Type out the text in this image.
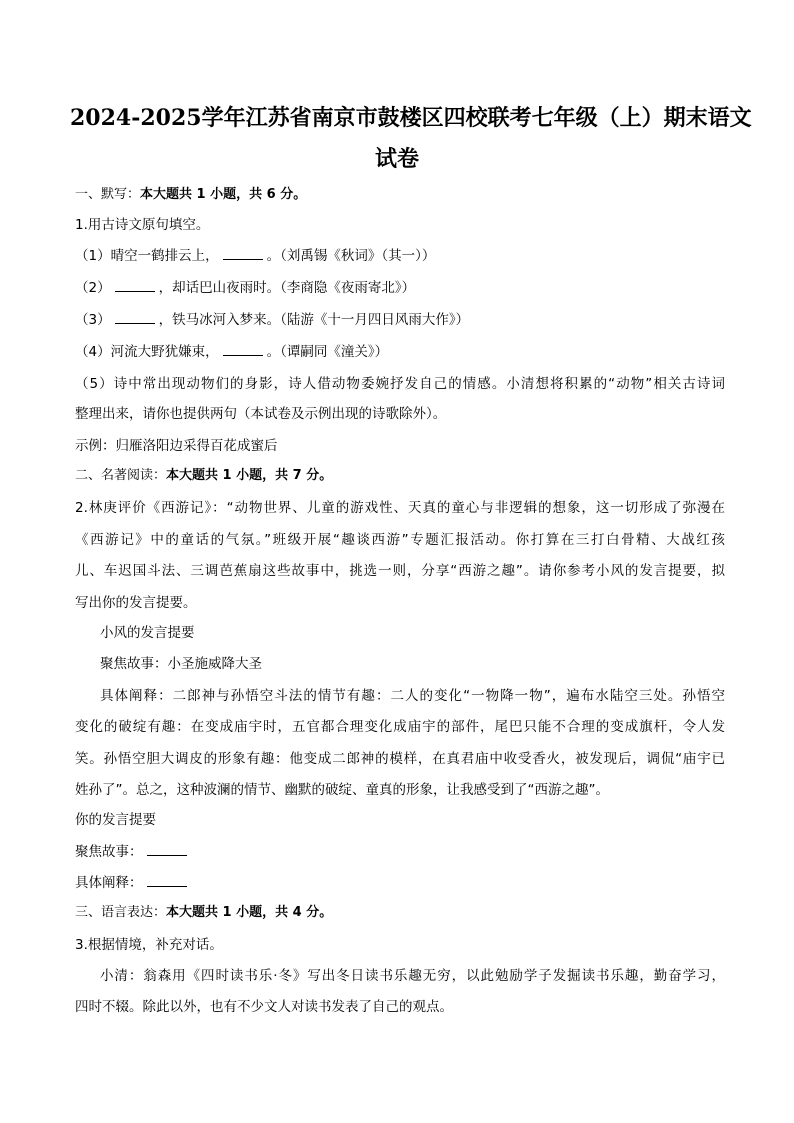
2024-2025学年江苏省南京市鼓楼区四校联考七年级（上）期末语文
试卷
一、默写：本大题共 1 小题，共 6 分。
1.用古诗文原句填空。
（1）晴空一鹤排云上，	。（刘禹锡《秋词》（其一））
（2）	，却话巴山夜雨时。（李商隐《夜雨寄北》）
（3）	，铁马冰河入梦来。（陆游《十一月四日风雨大作》）
（4）河流大野犹嫌束，	。（谭嗣同《潼关》）
（5）诗中常出现动物们的身影，诗人借动物委婉抒发自己的情感。小清想将积累的“动物”相关古诗词
整理出来，请你也提供两句（本试卷及示例出现的诗歌除外）。
示例：归雁洛阳边采得百花成蜜后
二、名著阅读：本大题共 1 小题，共 7 分。
2.林庚评价《西游记》：“动物世界、儿童的游戏性、天真的童心与非逻辑的想象，这一切形成了弥漫在
《西游记》中的童话的气氛。”班级开展“趣谈西游”专题汇报活动。你打算在三打白骨精、大战红孩
儿、车迟国斗法、三调芭蕉扇这些故事中，挑选一则，分享“西游之趣”。请你参考小风的发言提要，拟
写出你的发言提要。
小风的发言提要
聚焦故事：小圣施威降大圣
具体阐释：二郎神与孙悟空斗法的情节有趣：二人的变化“一物降一物”，遍布水陆空三处。孙悟空
变化的破绽有趣：在变成庙宇时，五官都合理变化成庙宇的部件，尾巴只能不合理的变成旗杆，令人发
笑。孙悟空胆大调皮的形象有趣：他变成二郎神的模样，在真君庙中收受香火，被发现后，调侃“庙宇已
姓孙了”。总之，这种波澜的情节、幽默的破绽、童真的形象，让我感受到了“西游之趣”。
你的发言提要
聚焦故事：
具体阐释：
三、语言表达：本大题共 1 小题，共 4 分。
3.根据情境，补充对话。
小清：翁森用《四时读书乐·冬》写出冬日读书乐趣无穷，以此勉励学子发掘读书乐趣，勤奋学习，
四时不辍。除此以外，也有不少文人对读书发表了自己的观点。
